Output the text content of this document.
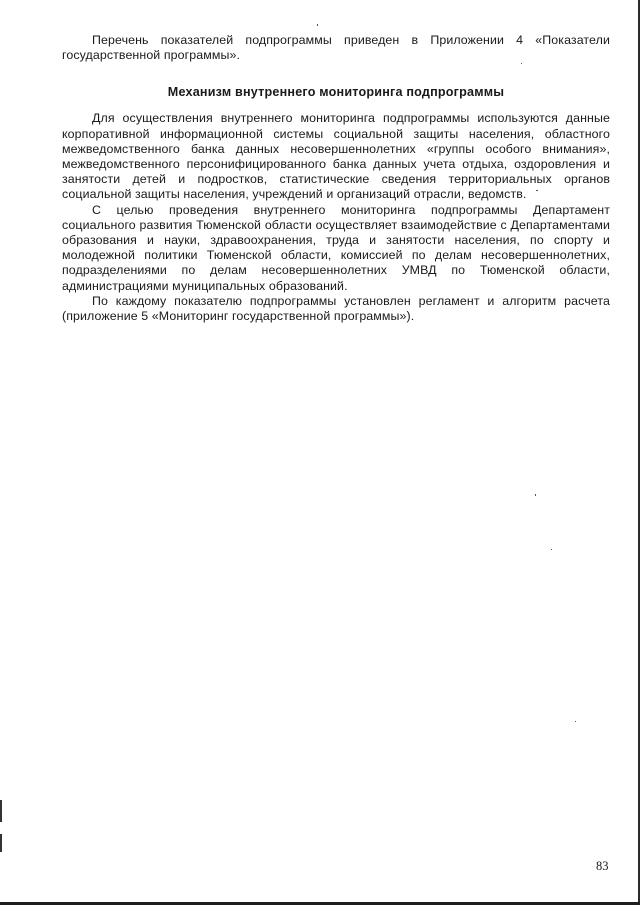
Перечень показателей подпрограммы приведен в Приложении 4 «Показатели государственной программы».

Механизм внутреннего мониторинга подпрограммы

Для осуществления внутреннего мониторинга подпрограммы используются данные корпоративной информационной системы социальной защиты населения, областного межведомственного банка данных несовершеннолетних «группы особого внимания», межведомственного персонифицированного банка данных учета отдыха, оздоровления и занятости детей и подростков, статистические сведения территориальных органов социальной защиты населения, учреждений и организаций отрасли, ведомств.

С целью проведения внутреннего мониторинга подпрограммы Департамент социального развития Тюменской области осуществляет взаимодействие с Департаментами образования и науки, здравоохранения, труда и занятости населения, по спорту и молодежной политики Тюменской области, комиссией по делам несовершеннолетних, подразделениями по делам несовершеннолетних УМВД по Тюменской области, администрациями муниципальных образований.

По каждому показателю подпрограммы установлен регламент и алгоритм расчета (приложение 5 «Мониторинг государственной программы»).

83
